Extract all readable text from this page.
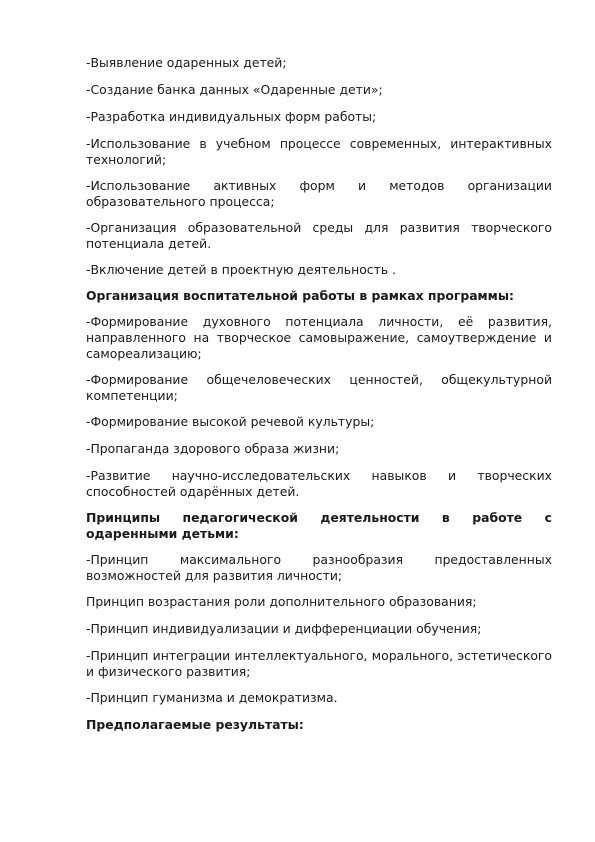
-Выявление одаренных детей;

-Создание банка данных «Одаренные дети»;

-Разработка индивидуальных форм работы;

-Использование в учебном процессе современных, интерактивных технологий;

-Использование активных форм и методов организации образовательного процесса;

-Организация образовательной среды для развития творческого потенциала детей.

-Включение детей в проектную деятельность .

Организация воспитательной работы в рамках программы:

-Формирование духовного потенциала личности, её развития, направленного на творческое самовыражение, самоутверждение и самореализацию;

-Формирование общечеловеческих ценностей, общекультурной компетенции;

-Формирование высокой речевой культуры;

-Пропаганда здорового образа жизни;

-Развитие научно-исследовательских навыков и творческих способностей одарённых детей.

Принципы педагогической деятельности в работе с одаренными детьми:

-Принцип максимального разнообразия предоставленных возможностей для развития личности;

Принцип возрастания роли дополнительного образования;

-Принцип индивидуализации и дифференциации обучения;

-Принцип интеграции интеллектуального, морального, эстетического и физического развития;

-Принцип гуманизма и демократизма.

Предполагаемые результаты:
